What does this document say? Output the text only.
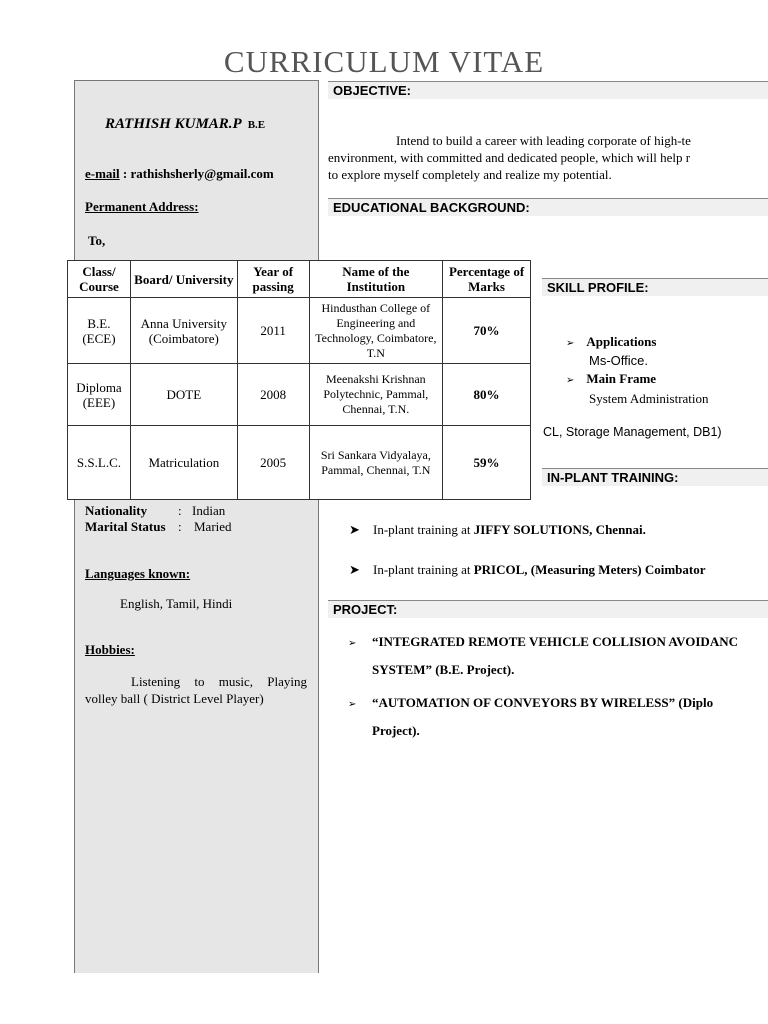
CURRICULUM VITAE
RATHISH KUMAR.P B.E
e-mail : rathishsherly@gmail.com
Permanent Address:
To,
Nationality : Indian
Marital Status : Maried
Languages known:
English, Tamil, Hindi
Hobbies:
Listening to music, Playing volley ball ( District Level Player)
OBJECTIVE:
Intend to build a career with leading corporate of high-te
environment, with committed and dedicated people, which will help r
to explore myself completely and realize my potential.
EDUCATIONAL BACKGROUND:
SKILL PROFILE:
➢ Applications
Ms-Office.
➢ Main Frame
System Administration
CL, Storage Management, DB1)
IN-PLANT TRAINING:
➤ In-plant training at JIFFY SOLUTIONS, Chennai.
➤ In-plant training at PRICOL, (Measuring Meters) Coimbator
PROJECT:
➢ “INTEGRATED REMOTE VEHICLE COLLISION AVOIDANC
SYSTEM” (B.E. Project).
➢ “AUTOMATION OF CONVEYORS BY WIRELESS” (Diplo
Project).
Class/ Course	Board/ University	Year of passing	Name of the Institution	Percentage of Marks
B.E. (ECE)	Anna University (Coimbatore)	2011	Hindusthan College of Engineering and Technology, Coimbatore, T.N	70%
Diploma (EEE)	DOTE	2008	Meenakshi Krishnan Polytechnic, Pammal, Chennai, T.N.	80%
S.S.L.C.	Matriculation	2005	Sri Sankara Vidyalaya, Pammal, Chennai, T.N	59%
